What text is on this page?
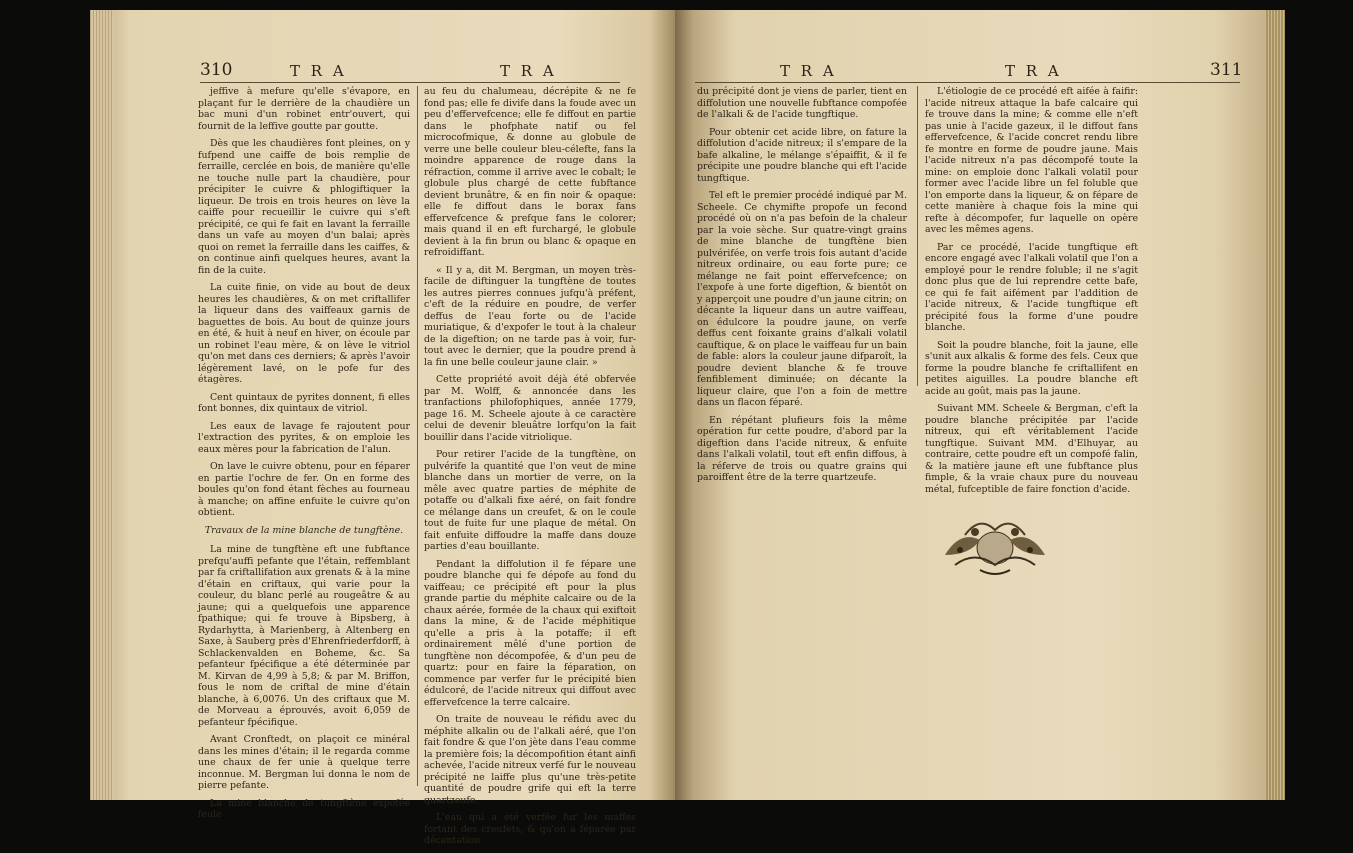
310	T R A	T R A

jeffive à mefure qu'elle s'évapore, en plaçant fur le derrière de la chaudière un bac muni d'un robinet entr'ouvert, qui fournit de la leffive goutte par goutte.

Dès que les chaudières font pleines, on y fufpend une caiffe de bois remplie de ferraille, cerclée en bois, de manière qu'elle ne touche nulle part la chaudière, pour précipiter le cuivre & phlogiftiquer la liqueur. De trois en trois heures on lève la caiffe pour recueillir le cuivre qui s'eft précipité, ce qui fe fait en lavant la ferraille dans un vafe au moyen d'un balai; après quoi on remet la ferraille dans les caiffes, & on continue ainfi quelques heures, avant la fin de la cuite.

La cuite finie, on vide au bout de deux heures les chaudières, & on met criftallifer la liqueur dans des vaiffeaux garnis de baguettes de bois. Au bout de quinze jours en été, & huit à neuf en hiver, on écoule par un robinet l'eau mère, & on lève le vitriol qu'on met dans ces derniers; & après l'avoir légèrement lavé, on le pofe fur des étagères.

Cent quintaux de pyrites donnent, fi elles font bonnes, dix quintaux de vitriol.

Les eaux de lavage fe rajoutent pour l'extraction des pyrites, & on emploie les eaux mères pour la fabrication de l'alun.

On lave le cuivre obtenu, pour en féparer en partie l'ochre de fer. On en forme des boules qu'on fond étant fèches au fourneau à manche; on affine enfuite le cuivre qu'on obtient.

Travaux de la mine blanche de tungftène.

La mine de tungftène eft une fubftance prefqu'auffi pefante que l'étain, reffemblant par fa criftallifation aux grenats & à la mine d'étain en criftaux, qui varie pour la couleur, du blanc perlé au rougeâtre & au jaune; qui a quelquefois une apparence fpathique; qui fe trouve à Bipsberg, à Rydarhytta, à Marienberg, à Altenberg en Saxe, à Sauberg près d'Ehrenfriederfdorff, à Schlackenvalden en Boheme, &c. Sa pefanteur fpécifique a été déterminée par M. Kirvan de 4,99 à 5,8; & par M. Briffon, fous le nom de criftal de mine d'étain blanche, à 6,0076. Un des criftaux que M. de Morveau a éprouvés, avoit 6,059 de pefanteur fpécifique.

Avant Cronftedt, on plaçoit ce minéral dans les mines d'étain; il le regarda comme une chaux de fer unie à quelque terre inconnue. M. Bergman lui donna le nom de pierre pefante.

La mine blanche de tungftène expofée feule

au feu du chalumeau, décrépite & ne fe fond pas; elle fe divife dans la foude avec un peu d'effervefcence; elle fe diffout en partie dans le phofphate natif ou fel microcofmique, & donne au globule de verre une belle couleur bleu-célefte, fans la moindre apparence de rouge dans la réfraction, comme il arrive avec le cobalt; le globule plus chargé de cette fubftance devient brunâtre, & en fin noir & opaque: elle fe diffout dans le borax fans effervefcence & prefque fans le colorer; mais quand il en eft furchargé, le globule devient à la fin brun ou blanc & opaque en refroidiffant.

« Il y a, dit M. Bergman, un moyen très-facile de diftinguer la tungftène de toutes les autres pierres connues jufqu'à préfent, c'eft de la réduire en poudre, de verfer deffus de l'eau forte ou de l'acide muriatique, & d'expofer le tout à la chaleur de la digeftion; on ne tarde pas à voir, fur-tout avec le dernier, que la poudre prend à la fin une belle couleur jaune clair. »

Cette propriété avoit déjà été obfervée par M. Wolff, & annoncée dans les tranfactions philofophiques, année 1779, page 16. M. Scheele ajoute à ce caractère celui de devenir bleuâtre lorfqu'on la fait bouillir dans l'acide vitriolique.

Pour retirer l'acide de la tungftène, on pulvérife la quantité que l'on veut de mine blanche dans un mortier de verre, on la mêle avec quatre parties de méphite de potaffe ou d'alkali fixe aéré, on fait fondre ce mélange dans un creufet, & on le coule tout de fuite fur une plaque de métal. On fait enfuite diffoudre la maffe dans douze parties d'eau bouillante.

Pendant la diffolution il fe fépare une poudre blanche qui fe dépofe au fond du vaiffeau; ce précipité eft pour la plus grande partie du méphite calcaire ou de la chaux aérée, formée de la chaux qui exiftoit dans la mine, & de l'acide méphitique qu'elle a pris à la potaffe; il eft ordinairement mêlé d'une portion de tungftène non décompofée, & d'un peu de quartz: pour en faire la féparation, on commence par verfer fur le précipité bien édulcoré, de l'acide nitreux qui diffout avec effervefcence la terre calcaire.

On traite de nouveau le réfidu avec du méphite alkalin ou de l'alkali aéré, que l'on fait fondre & que l'on jète dans l'eau comme la première fois; la décompofition étant ainfi achevée, l'acide nitreux verfé fur le nouveau précipité ne laiffe plus qu'une très-petite quantité de poudre grife qui eft la terre quartzeufe.

L'eau qui a été verfée fur les maffes fortant des creufets, & qu'on a féparée par décantation

T R A	T R A	311

du précipité dont je viens de parler, tient en diffolution une nouvelle fubftance compofée de l'alkali & de l'acide tungftique.

Pour obtenir cet acide libre, on fature la diffolution d'acide nitreux; il s'empare de la bafe alkaline, le mélange s'épaiffit, & il fe précipite une poudre blanche qui eft l'acide tungftique.

Tel eft le premier procédé indiqué par M. Scheele. Ce chymifte propofe un fecond procédé où on n'a pas befoin de la chaleur par la voie sèche. Sur quatre-vingt grains de mine blanche de tungftène bien pulvérifée, on verfe trois fois autant d'acide nitreux ordinaire, ou eau forte pure; ce mélange ne fait point effervefcence; on l'expofe à une forte digeftion, & bientôt on y apperçoit une poudre d'un jaune citrin; on décante la liqueur dans un autre vaiffeau, on édulcore la poudre jaune, on verfe deffus cent foixante grains d'alkali volatil cauftique, & on place le vaiffeau fur un bain de fable: alors la couleur jaune difparoît, la poudre devient blanche & fe trouve fenfiblement diminuée; on décante la liqueur claire, que l'on a foin de mettre dans un flacon féparé.

En répétant plufieurs fois la même opération fur cette poudre, d'abord par la digeftion dans l'acide nitreux, & enfuite dans l'alkali volatil, tout eft enfin diffous, à la réferve de trois ou quatre grains qui paroiffent être de la terre quartzeufe.

L'étiologie de ce procédé eft aifée à faifir: l'acide nitreux attaque la bafe calcaire qui fe trouve dans la mine; & comme elle n'eft pas unie à l'acide gazeux, il le diffout fans effervefcence, & l'acide concret rendu libre fe montre en forme de poudre jaune. Mais l'acide nitreux n'a pas décompofé toute la mine: on emploie donc l'alkali volatil pour former avec l'acide libre un fel foluble que l'on emporte dans la liqueur, & on fépare de cette manière à chaque fois la mine qui refte à décompofer, fur laquelle on opère avec les mêmes agens.

Par ce procédé, l'acide tungftique eft encore engagé avec l'alkali volatil que l'on a employé pour le rendre foluble; il ne s'agit donc plus que de lui reprendre cette bafe, ce qui fe fait aifément par l'addition de l'acide nitreux, & l'acide tungftique eft précipité fous la forme d'une poudre blanche.

Soit la poudre blanche, foit la jaune, elle s'unit aux alkalis & forme des fels. Ceux que forme la poudre blanche fe criftallifent en petites aiguilles. La poudre blanche eft acide au goût, mais pas la jaune.

Suivant MM. Scheele & Bergman, c'eft la poudre blanche précipitée par l'acide nitreux, qui eft véritablement l'acide tungftique. Suivant MM. d'Elhuyar, au contraire, cette poudre eft un compofé falin, & la matière jaune eft une fubftance plus fimple, & la vraie chaux pure du nouveau métal, fufceptible de faire fonction d'acide.
